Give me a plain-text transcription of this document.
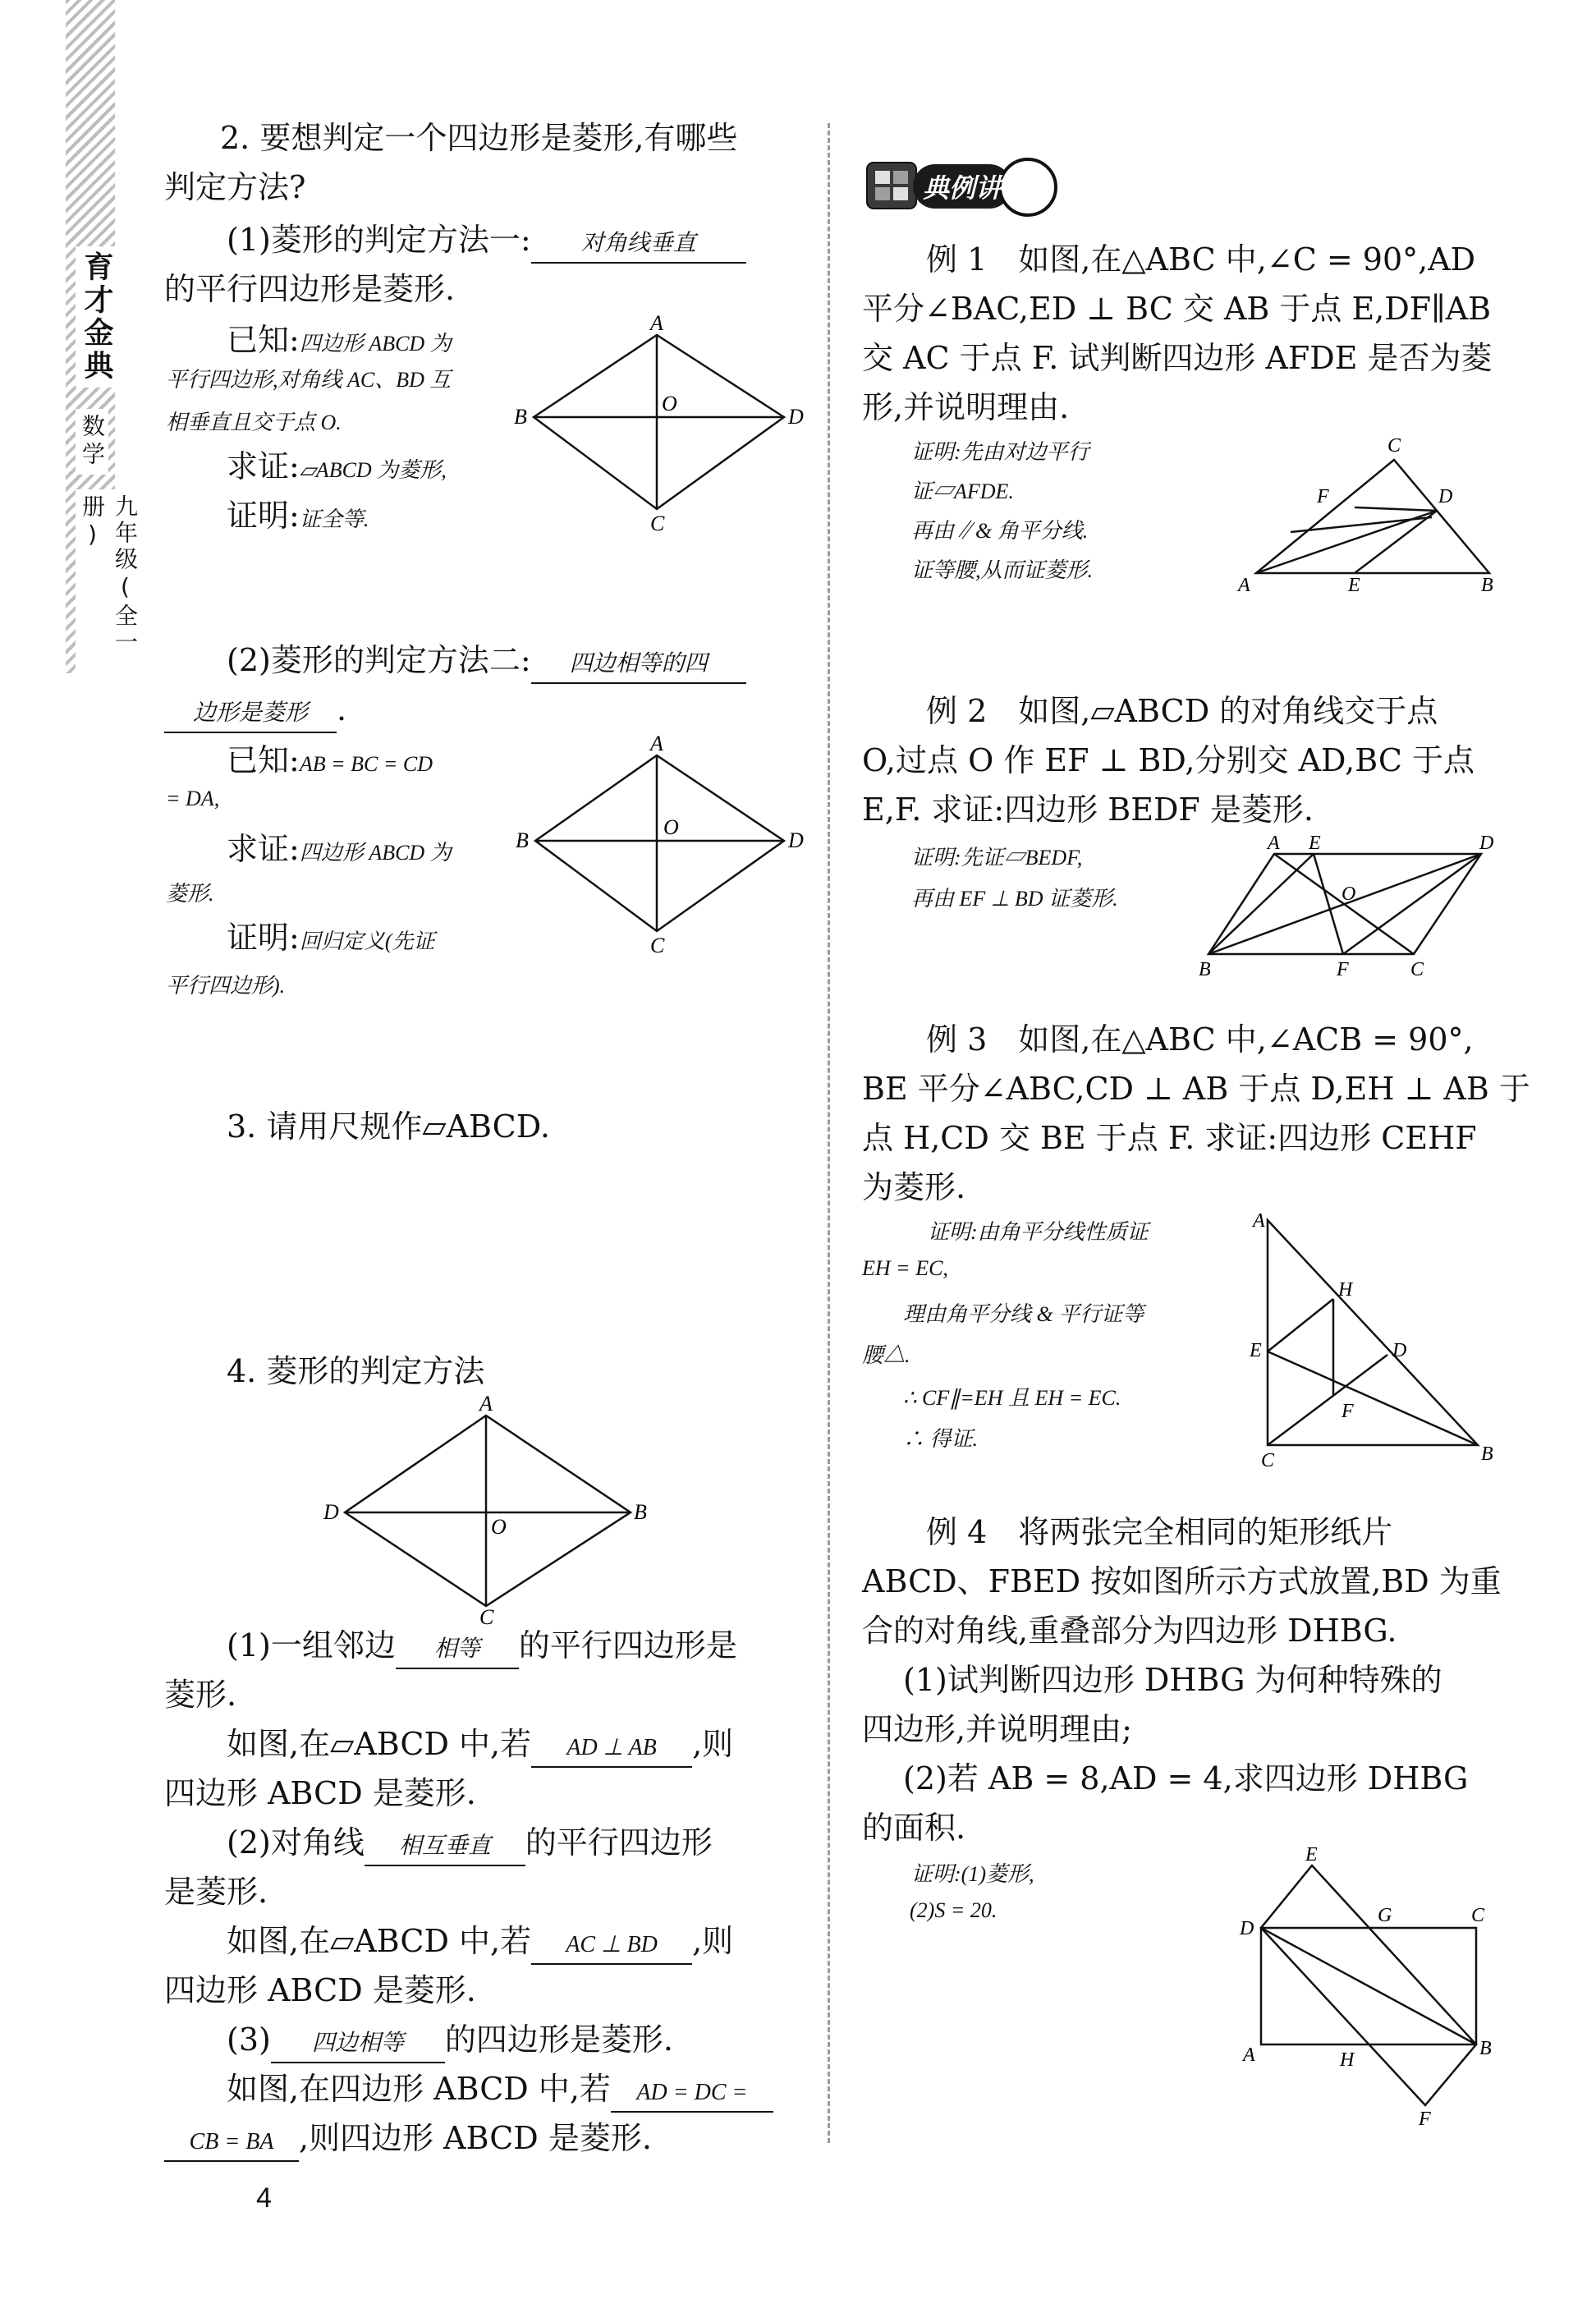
育才金典
数学
九年级(全一册)
2. 要想判定一个四边形是菱形,有哪些
判定方法?
(1)菱形的判定方法一: 对角线垂直
的平行四边形是菱形.
已知:四边形 ABCD 为
平行四边形,对角线 AC、BD 互
相垂直且交于点 O.
求证:▱ABCD 为菱形,
证明:证全等.
A
B
C
D
O
(2)菱形的判定方法二: 四边相等的四
边形是菱形 .
已知:AB = BC = CD
= DA,
求证:四边形 ABCD 为
菱形.
证明:回归定义(先证
平行四边形).
A
B
C
D
O
3. 请用尺规作▱ABCD.
4. 菱形的判定方法
A
D
C
B
O
(1)一组邻边 相等 的平行四边形是
菱形.
如图,在▱ABCD 中,若 AD ⊥ AB ,则
四边形 ABCD 是菱形.
(2)对角线 相互垂直 的平行四边形
是菱形.
如图,在▱ABCD 中,若 AC ⊥ BD ,则
四边形 ABCD 是菱形.
(3) 四边相等 的四边形是菱形.
如图,在四边形 ABCD 中,若 AD = DC =
CB = BA ,则四边形 ABCD 是菱形.
4
典例讲
例 1　如图,在△ABC 中,∠C = 90°,AD
平分∠BAC,ED ⊥ BC 交 AB 于点 E,DF∥AB
交 AC 于点 F. 试判断四边形 AFDE 是否为菱
形,并说明理由.
证明:先由对边平行
证▱AFDE.
再由∥& 角平分线.
证等腰,从而证菱形.
A	E	B
C
F	D
例 2　如图,▱ABCD 的对角线交于点
O,过点 O 作 EF ⊥ BD,分别交 AD,BC 于点
E,F. 求证:四边形 BEDF 是菱形.
证明:先证▱BEDF,
再由 EF ⊥ BD 证菱形.
A E	D
B	F	C
O
例 3　如图,在△ABC 中,∠ACB = 90°,
BE 平分∠ABC,CD ⊥ AB 于点 D,EH ⊥ AB 于
点 H,CD 交 BE 于点 F. 求证:四边形 CEHF
为菱形.
证明:由角平分线性质证
EH = EC,
理由角平分线 & 平行证等
腰△.
∴ CF∥=EH 且 EH = EC.
∴ 得证.
A
H
D
E
F
C	B
例 4　将两张完全相同的矩形纸片
ABCD、FBED 按如图所示方式放置,BD 为重
合的对角线,重叠部分为四边形 DHBG.
(1)试判断四边形 DHBG 为何种特殊的
四边形,并说明理由;
(2)若 AB = 8,AD = 4,求四边形 DHBG
的面积.
证明:(1)菱形,
(2)S = 20.
E
D
G	C
A	H
B
F
